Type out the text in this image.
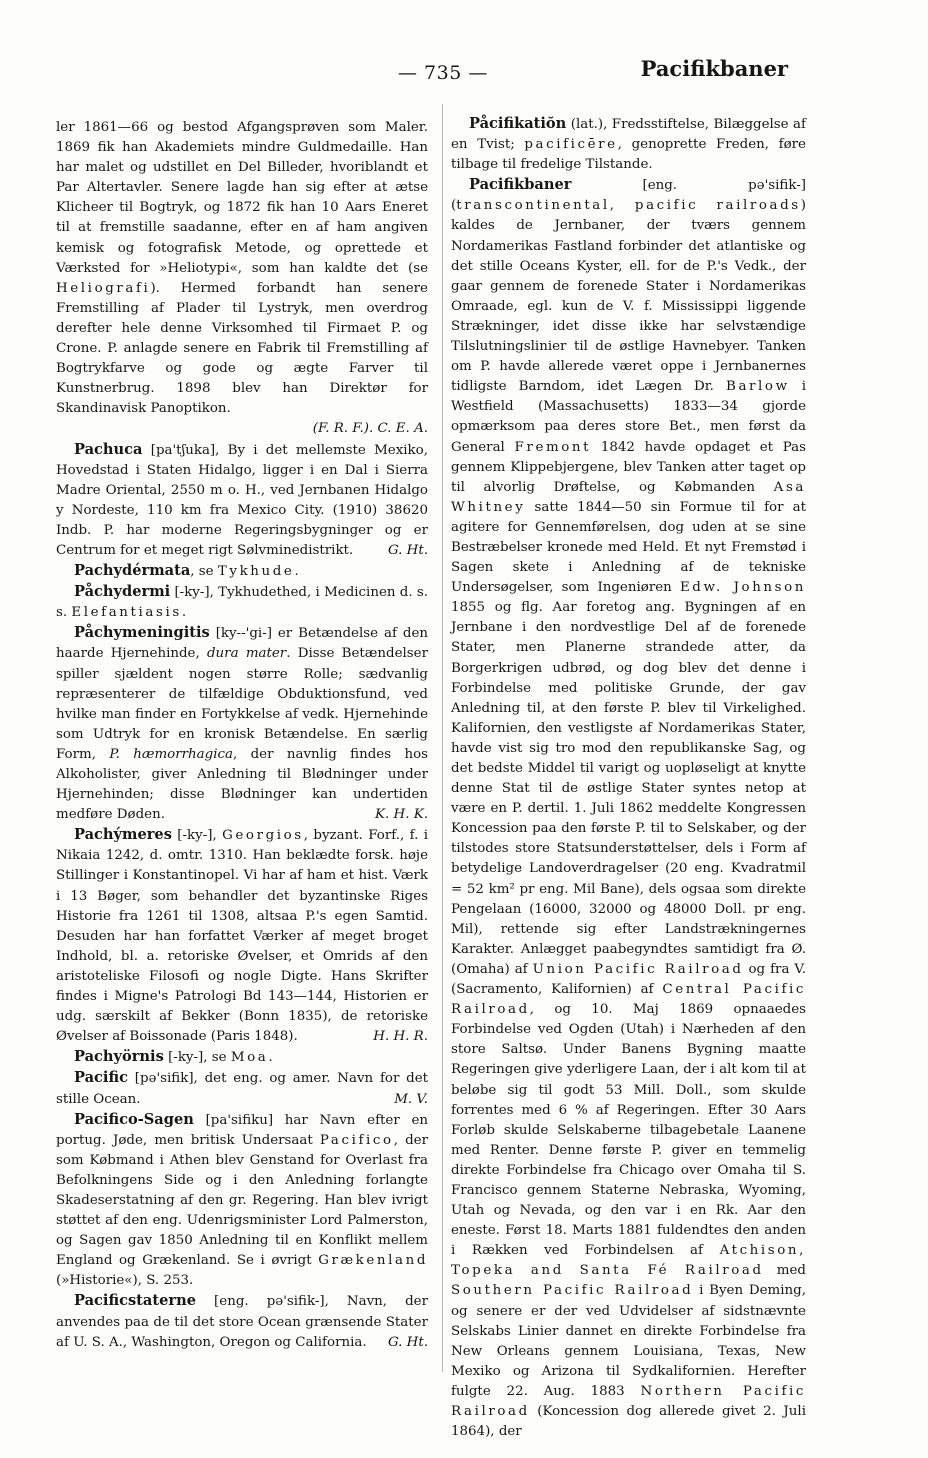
— 735 —	Pacifikbaner

ler 1861—66 og bestod Afgangsprøven som Maler. 1869 fik han Akademiets mindre Guldmedaille. Han har malet og udstillet en Del Billeder, hvoriblandt et Par Altertavler. Senere lagde han sig efter at ætse Klicheer til Bogtryk, og 1872 fik han 10 Aars Eneret til at fremstille saadanne, efter en af ham angiven kemisk og fotografisk Metode, og oprettede et Værksted for »Heliotypi«, som han kaldte det (se Heliografi). Hermed forbandt han senere Fremstilling af Plader til Lystryk, men overdrog derefter hele denne Virksomhed til Firmaet P. og Crone. P. anlagde senere en Fabrik til Fremstilling af Bogtrykfarve og gode og ægte Farver til Kunstnerbrug. 1898 blev han Direktør for Skandinavisk Panoptikon.
(F. R. F.). C. E. A.

Pachuca [pa'tʃuka], By i det mellemste Mexiko, Hovedstad i Staten Hidalgo, ligger i en Dal i Sierra Madre Oriental, 2550 m o. H., ved Jernbanen Hidalgo y Nordeste, 110 km fra Mexico City. (1910) 38620 Indb. P. har moderne Regeringsbygninger og er Centrum for et meget rigt Sølvminedistrikt.	G. Ht.

Pachydérmata, se Tykhude.

Påchydermi [-ky-], Tykhudethed, i Medicinen d. s. s. Elefantiasis.

Påchymeningitis [ky--'gi-] er Betændelse af den haarde Hjernehinde, dura mater. Disse Betændelser spiller sjældent nogen større Rolle; sædvanlig repræsenterer de tilfældige Obduktionsfund, ved hvilke man finder en Fortykkelse af vedk. Hjernehinde som Udtryk for en kronisk Betændelse. En særlig Form, P. hæmorrhagica, der navnlig findes hos Alkoholister, giver Anledning til Blødninger under Hjernehinden; disse Blødninger kan undertiden medføre Døden.	K. H. K.

Pachýmeres [-ky-], Georgios, byzant. Forf., f. i Nikaia 1242, d. omtr. 1310. Han beklædte forsk. høje Stillinger i Konstantinopel. Vi har af ham et hist. Værk i 13 Bøger, som behandler det byzantinske Riges Historie fra 1261 til 1308, altsaa P.'s egen Samtid. Desuden har han forfattet Værker af meget broget Indhold, bl. a. retoriske Øvelser, et Omrids af den aristoteliske Filosofi og nogle Digte. Hans Skrifter findes i Migne's Patrologi Bd 143—144, Historien er udg. særskilt af Bekker (Bonn 1835), de retoriske Øvelser af Boissonade (Paris 1848).	H. H. R.

Pachyörnis [-ky-], se Moa.

Pacific [pə'sifik], det eng. og amer. Navn for det stille Ocean.	M. V.

Pacifico-Sagen [pa'sifiku] har Navn efter en portug. Jøde, men britisk Undersaat Pacifico, der som Købmand i Athen blev Genstand for Overlast fra Befolkningens Side og i den Anledning forlangte Skadeserstatning af den gr. Regering. Han blev ivrigt støttet af den eng. Udenrigsminister Lord Palmerston, og Sagen gav 1850 Anledning til en Konflikt mellem England og Grækenland. Se i øvrigt Grækenland (»Historie«), S. 253.

Pacificstaterne [eng. pə'sifik-], Navn, der anvendes paa de til det store Ocean grænsende Stater af U. S. A., Washington, Oregon og California.	G. Ht.

Påcifikatiŏn (lat.), Fredsstiftelse, Bilæggelse af en Tvist; pacificēre, genoprette Freden, føre tilbage til fredelige Tilstande.

Pacifikbaner [eng. pə'sifik-] (transcontinental, pacific railroads) kaldes de Jernbaner, der tværs gennem Nordamerikas Fastland forbinder det atlantiske og det stille Oceans Kyster, ell. for de P.'s Vedk., der gaar gennem de forenede Stater i Nordamerikas Omraade, egl. kun de V. f. Mississippi liggende Strækninger, idet disse ikke har selvstændige Tilslutningslinier til de østlige Havnebyer. Tanken om P. havde allerede været oppe i Jernbanernes tidligste Barndom, idet Lægen Dr. Barlow i Westfield (Massachusetts) 1833—34 gjorde opmærksom paa deres store Bet., men først da General Fremont 1842 havde opdaget et Pas gennem Klippebjergene, blev Tanken atter taget op til alvorlig Drøftelse, og Købmanden Asa Whitney satte 1844—50 sin Formue til for at agitere for Gennemførelsen, dog uden at se sine Bestræbelser kronede med Held. Et nyt Fremstød i Sagen skete i Anledning af de tekniske Undersøgelser, som Ingeniøren Edw. Johnson 1855 og flg. Aar foretog ang. Bygningen af en Jernbane i den nordvestlige Del af de forenede Stater, men Planerne strandede atter, da Borgerkrigen udbrød, og dog blev det denne i Forbindelse med politiske Grunde, der gav Anledning til, at den første P. blev til Virkelighed. Kalifornien, den vestligste af Nordamerikas Stater, havde vist sig tro mod den republikanske Sag, og det bedste Middel til varigt og uopløseligt at knytte denne Stat til de østlige Stater syntes netop at være en P. dertil. 1. Juli 1862 meddelte Kongressen Koncession paa den første P. til to Selskaber, og der tilstodes store Statsunderstøttelser, dels i Form af betydelige Landoverdragelser (20 eng. Kvadratmil = 52 km² pr eng. Mil Bane), dels ogsaa som direkte Pengelaan (16000, 32000 og 48000 Doll. pr eng. Mil), rettende sig efter Landstrækningernes Karakter. Anlægget paabegyndtes samtidigt fra Ø. (Omaha) af Union Pacific Railroad og fra V. (Sacramento, Kalifornien) af Central Pacific Railroad, og 10. Maj 1869 opnaaedes Forbindelse ved Ogden (Utah) i Nærheden af den store Saltsø. Under Banens Bygning maatte Regeringen give yderligere Laan, der i alt kom til at beløbe sig til godt 53 Mill. Doll., som skulde forrentes med 6 % af Regeringen. Efter 30 Aars Forløb skulde Selskaberne tilbagebetale Laanene med Renter. Denne første P. giver en temmelig direkte Forbindelse fra Chicago over Omaha til S. Francisco gennem Staterne Nebraska, Wyoming, Utah og Nevada, og den var i en Rk. Aar den eneste. Først 18. Marts 1881 fuldendtes den anden i Rækken ved Forbindelsen af Atchison, Topeka and Santa Fé Railroad med Southern Pacific Railroad i Byen Deming, og senere er der ved Udvidelser af sidstnævnte Selskabs Linier dannet en direkte Forbindelse fra New Orleans gennem Louisiana, Texas, New Mexiko og Arizona til Sydkalifornien. Herefter fulgte 22. Aug. 1883 Northern Pacific Railroad (Koncession dog allerede givet 2. Juli 1864), der
